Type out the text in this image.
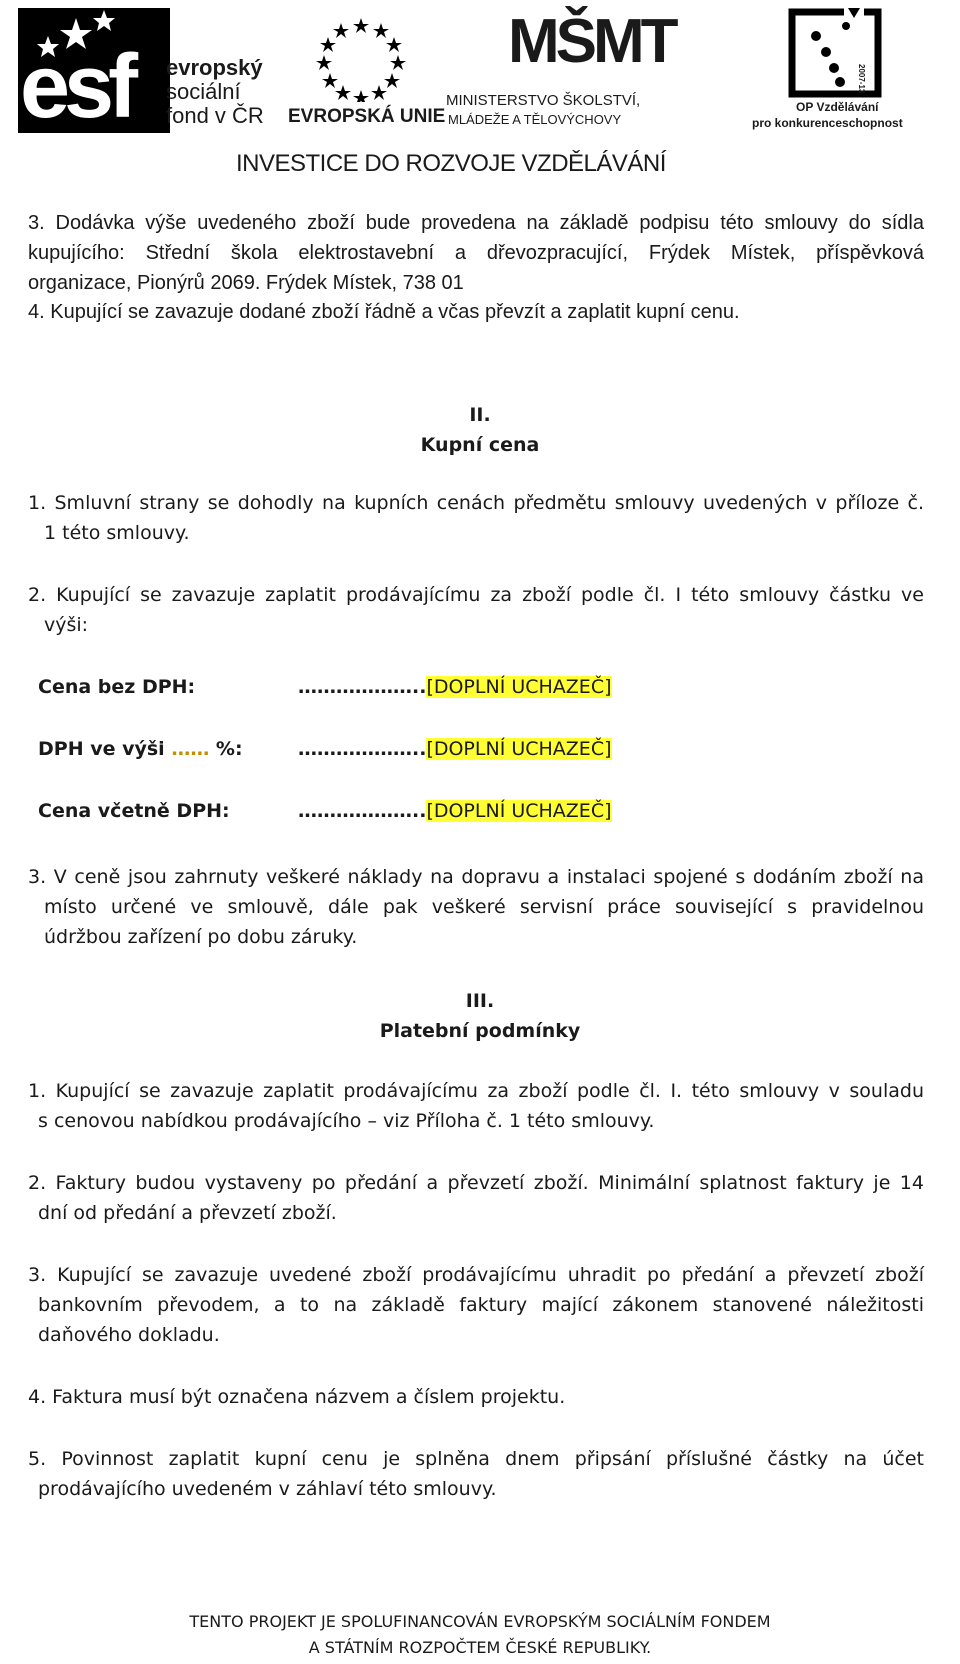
esf evropský
sociální
fond v ČR EVROPSKÁ UNIE
MŠMT
MINISTERSTVO ŠKOLSTVÍ,
MLÁDEŽE A TĚLOVÝCHOVY
2007-13
OP Vzdělávání
pro konkurenceschopnost
INVESTICE DO ROZVOJE VZDĚLÁVÁNÍ
3. Dodávka výše uvedeného zboží bude provedena na základě podpisu této smlouvy do sídla
kupujícího: Střední škola elektrostavební a dřevozpracující, Frýdek Místek, příspěvková
organizace, Pionýrů 2069. Frýdek Místek, 738 01
4. Kupující se zavazuje dodané zboží řádně a včas převzít a zaplatit kupní cenu.
II.
Kupní cena
1. Smluvní strany se dohodly na kupních cenách předmětu smlouvy uvedených v příloze č.
1 této smlouvy.
2. Kupující se zavazuje zaplatit prodávajícímu za zboží podle čl. I této smlouvy částku ve
výši:
Cena bez DPH:	………………..[DOPLNÍ UCHAZEČ]
DPH ve výši …… %:	………………..[DOPLNÍ UCHAZEČ]
Cena včetně DPH:	………………..[DOPLNÍ UCHAZEČ]
3. V ceně jsou zahrnuty veškeré náklady na dopravu a instalaci spojené s dodáním zboží na
místo určené ve smlouvě, dále pak veškeré servisní práce související s pravidelnou
údržbou zařízení po dobu záruky.
III.
Platební podmínky
1. Kupující se zavazuje zaplatit prodávajícímu za zboží podle čl. I. této smlouvy v souladu
s cenovou nabídkou prodávajícího – viz Příloha č. 1 této smlouvy.
2. Faktury budou vystaveny po předání a převzetí zboží. Minimální splatnost faktury je 14
dní od předání a převzetí zboží.
3. Kupující se zavazuje uvedené zboží prodávajícímu uhradit po předání a převzetí zboží
bankovním převodem, a to na základě faktury mající zákonem stanovené náležitosti
daňového dokladu.
4. Faktura musí být označena názvem a číslem projektu.
5. Povinnost zaplatit kupní cenu je splněna dnem připsání příslušné částky na účet
prodávajícího uvedeném v záhlaví této smlouvy.
TENTO PROJEKT JE SPOLUFINANCOVÁN EVROPSKÝM SOCIÁLNÍM FONDEM
A STÁTNÍM ROZPOČTEM ČESKÉ REPUBLIKY.
